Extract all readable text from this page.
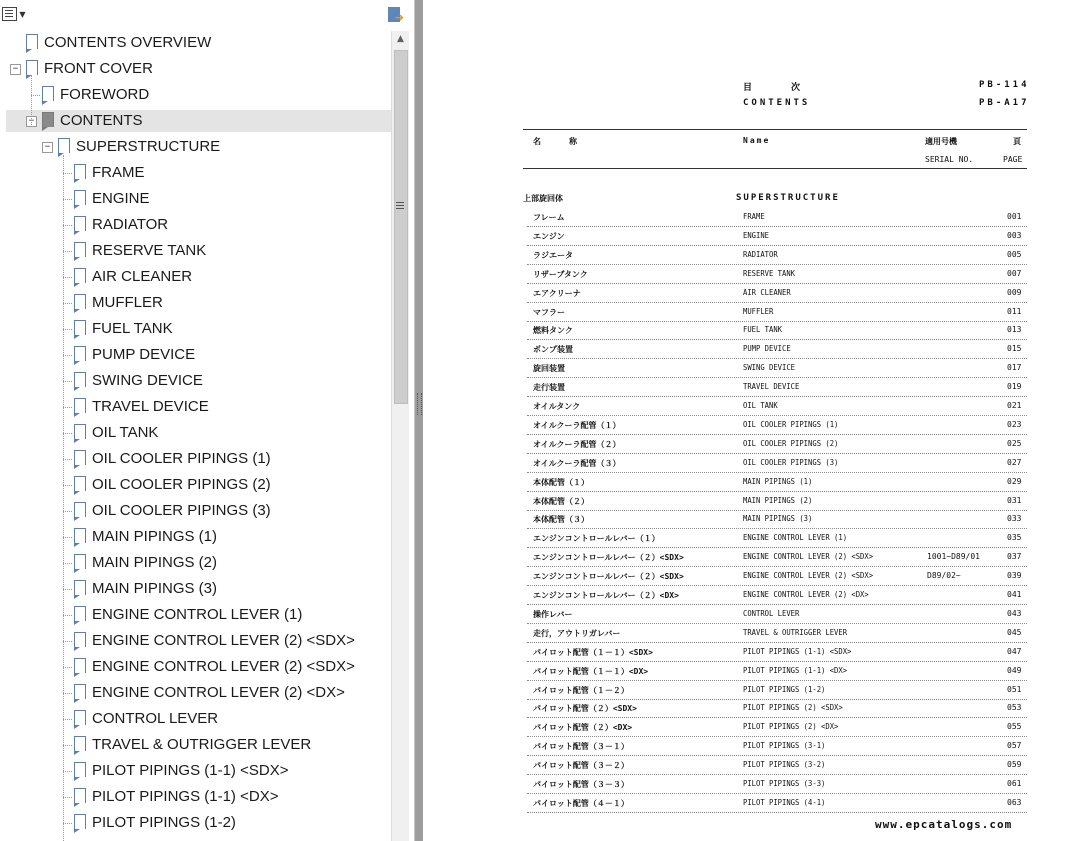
▼	➜
CONTENTS OVERVIEW
− FRONT COVER
FOREWORD
− CONTENTS
− SUPERSTRUCTURE
FRAME
ENGINE
RADIATOR
RESERVE TANK
AIR CLEANER
MUFFLER
FUEL TANK
PUMP DEVICE
SWING DEVICE
TRAVEL DEVICE
OIL TANK
OIL COOLER PIPINGS (1)
OIL COOLER PIPINGS (2)
OIL COOLER PIPINGS (3)
MAIN PIPINGS (1)
MAIN PIPINGS (2)
MAIN PIPINGS (3)
ENGINE CONTROL LEVER (1)
ENGINE CONTROL LEVER (2) <SDX>
ENGINE CONTROL LEVER (2) <SDX>
ENGINE CONTROL LEVER (2) <DX>
CONTROL LEVER
TRAVEL & OUTRIGGER LEVER
PILOT PIPINGS (1-1) <SDX>
PILOT PIPINGS (1-1) <DX>
PILOT PIPINGS (1-2)
▲
目　　　次
CONTENTS
PB-114
PB-A17
名　　称	Name	適用号機	頁
SERIAL NO.	PAGE
上部旋回体	SUPERSTRUCTURE
フレーム	FRAME	001
エンジン	ENGINE	003
ラジエータ	RADIATOR	005
リザーブタンク	RESERVE TANK	007
エアクリーナ	AIR CLEANER	009
マフラー	MUFFLER	011
燃料タンク	FUEL TANK	013
ポンプ装置	PUMP DEVICE	015
旋回装置	SWING DEVICE	017
走行装置	TRAVEL DEVICE	019
オイルタンク	OIL TANK	021
オイルクーラ配管（１）	OIL COOLER PIPINGS (1)	023
オイルクーラ配管（２）	OIL COOLER PIPINGS (2)	025
オイルクーラ配管（３）	OIL COOLER PIPINGS (3)	027
本体配管（１）	MAIN PIPINGS (1)	029
本体配管（２）	MAIN PIPINGS (2)	031
本体配管（３）	MAIN PIPINGS (3)	033
エンジンコントロールレバー（１）	ENGINE CONTROL LEVER (1)	035
エンジンコントロールレバー（２）<SDX>	ENGINE CONTROL LEVER (2) <SDX>	1001~D89/01	037
エンジンコントロールレバー（２）<SDX>	ENGINE CONTROL LEVER (2) <SDX>	D89/02~	039
エンジンコントロールレバー（２）<DX>	ENGINE CONTROL LEVER (2) <DX>	041
操作レバー	CONTROL LEVER	043
走行，アウトリガレバー	TRAVEL & OUTRIGGER LEVER	045
パイロット配管（１－１）<SDX>	PILOT PIPINGS (1-1) <SDX>	047
パイロット配管（１－１）<DX>	PILOT PIPINGS (1-1) <DX>	049
パイロット配管（１－２）	PILOT PIPINGS (1-2)	051
パイロット配管（２）<SDX>	PILOT PIPINGS (2) <SDX>	053
パイロット配管（２）<DX>	PILOT PIPINGS (2) <DX>	055
パイロット配管（３－１）	PILOT PIPINGS (3-1)	057
パイロット配管（３－２）	PILOT PIPINGS (3-2)	059
パイロット配管（３－３）	PILOT PIPINGS (3-3)	061
パイロット配管（４－１）	PILOT PIPINGS (4-1)	063
www.epcatalogs.com
